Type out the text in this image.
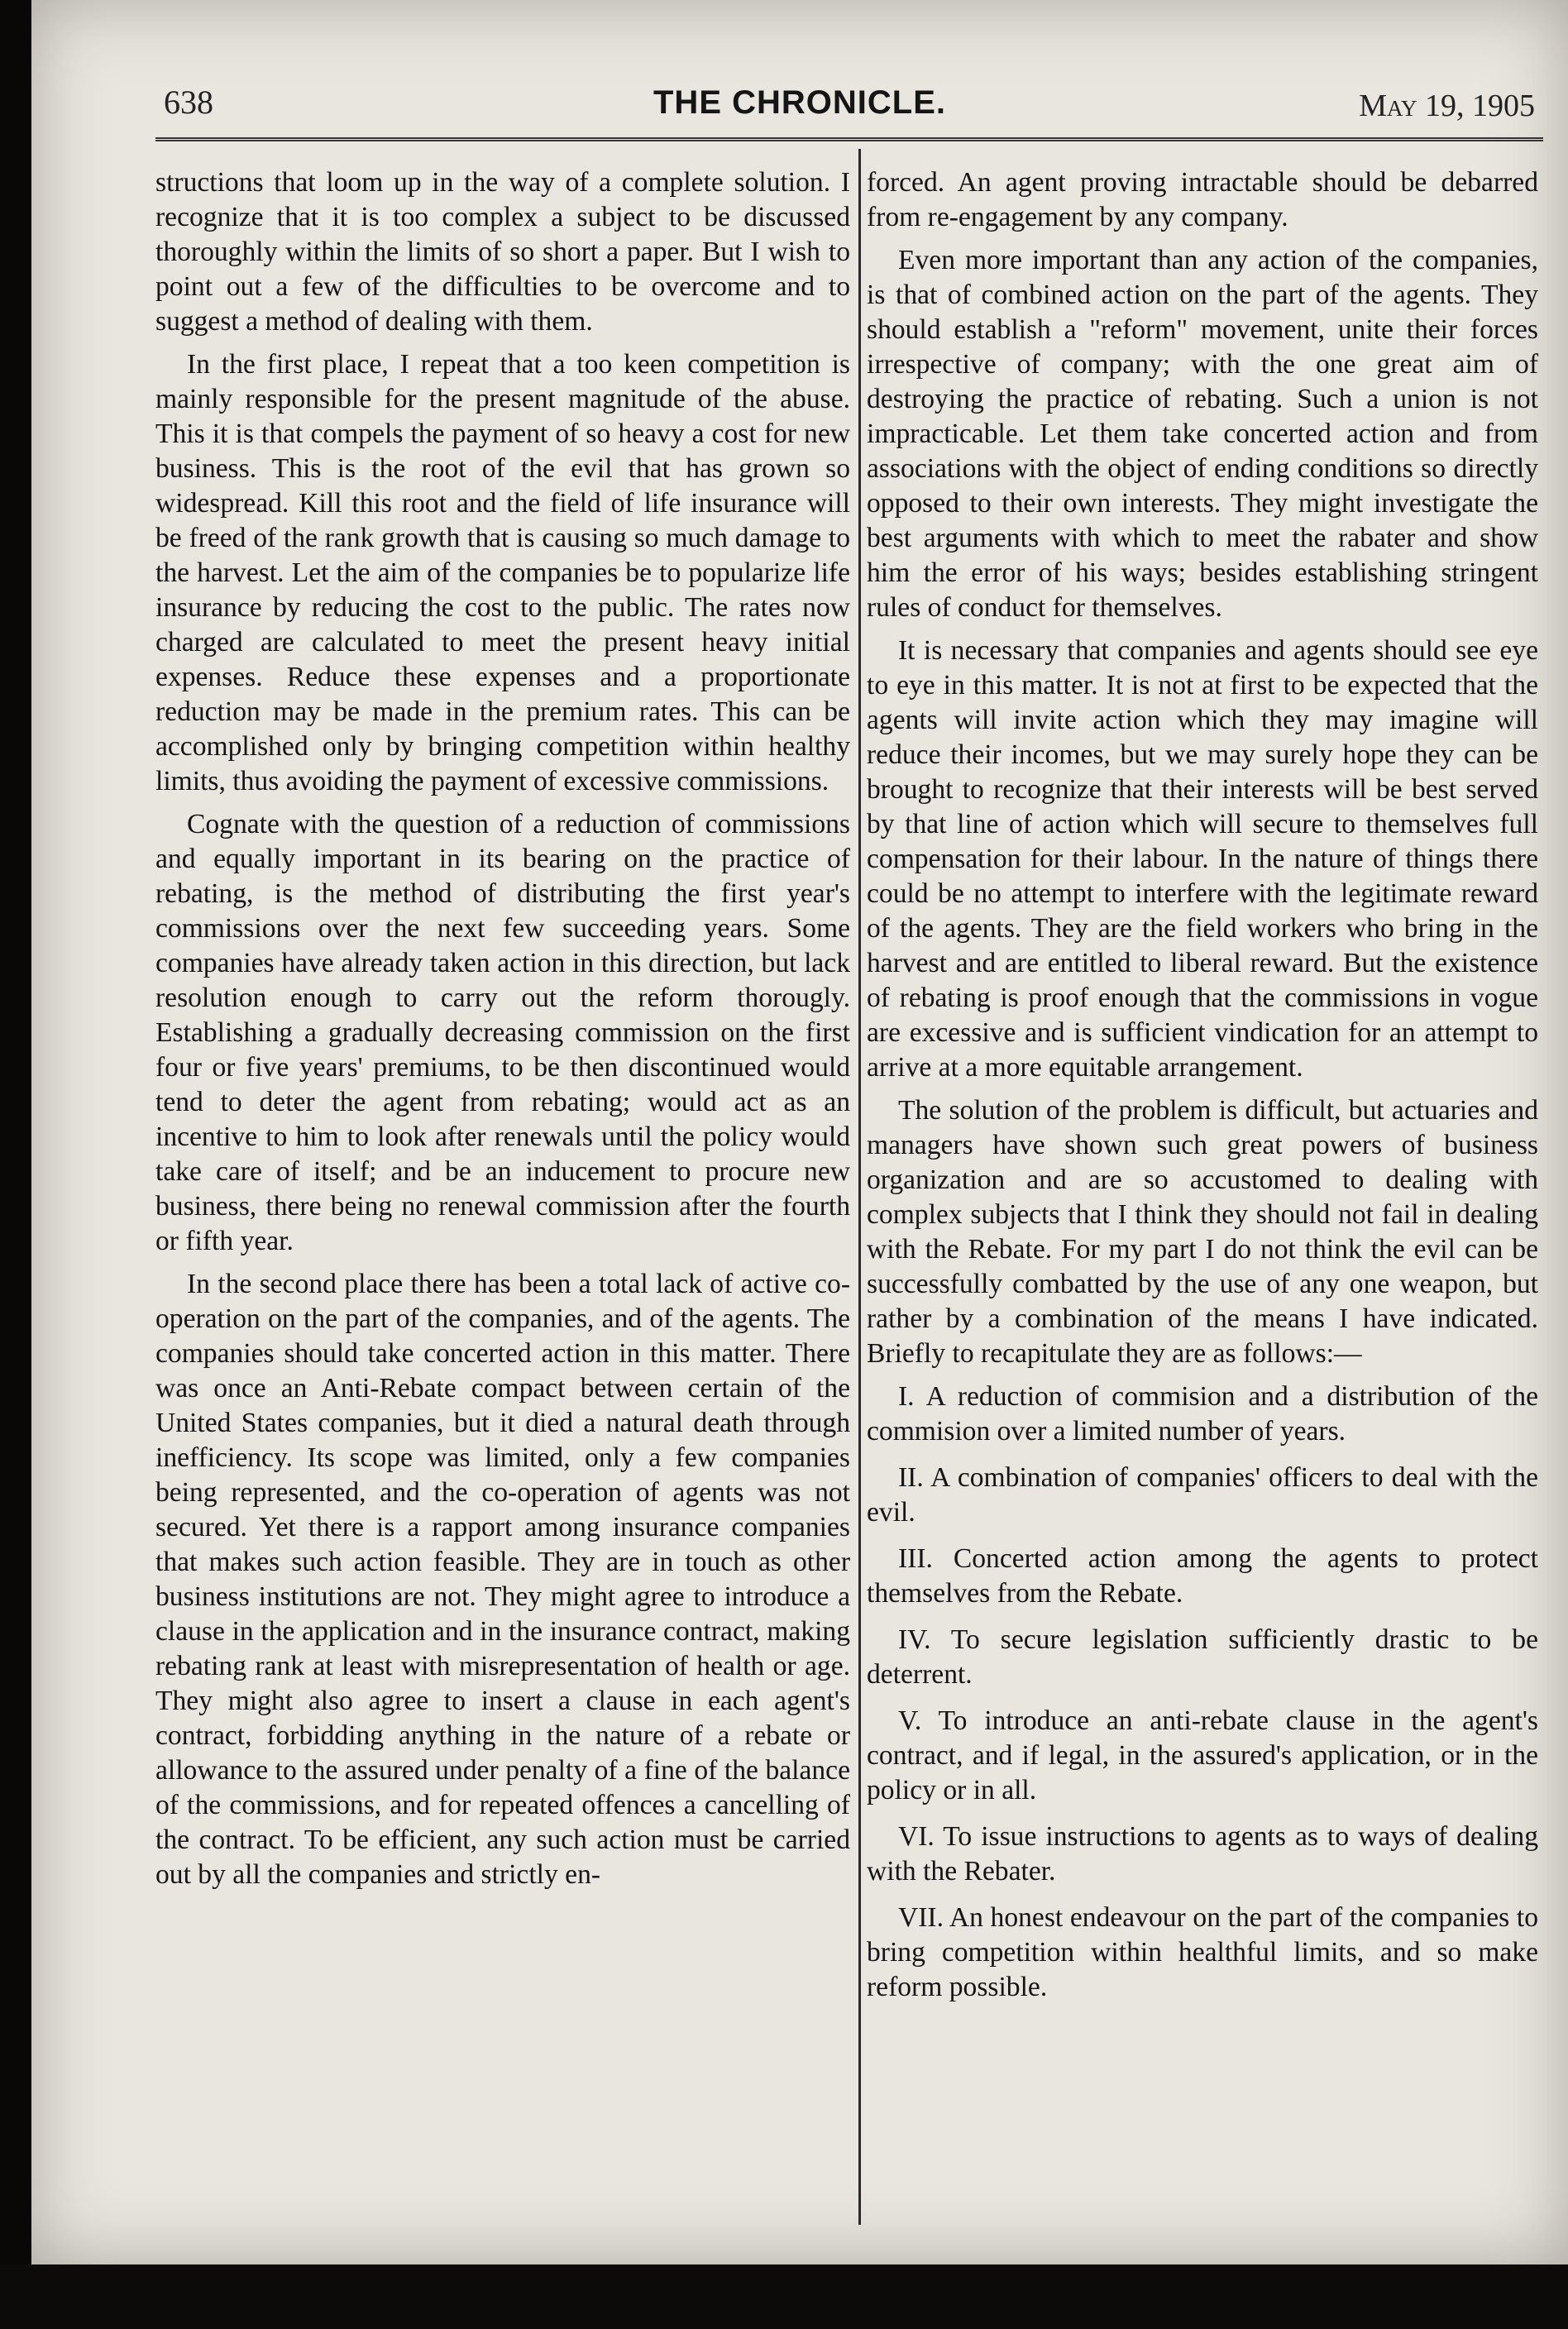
638	THE CHRONICLE.	May 19, 1905

structions that loom up in the way of a complete solution. I recognize that it is too complex a subject to be discussed thoroughly within the limits of so short a paper. But I wish to point out a few of the difficulties to be overcome and to suggest a method of dealing with them.

In the first place, I repeat that a too keen competition is mainly responsible for the present magnitude of the abuse. This it is that compels the payment of so heavy a cost for new business. This is the root of the evil that has grown so widespread. Kill this root and the field of life insurance will be freed of the rank growth that is causing so much damage to the harvest. Let the aim of the companies be to popularize life insurance by reducing the cost to the public. The rates now charged are calculated to meet the present heavy initial expenses. Reduce these expenses and a proportionate reduction may be made in the premium rates. This can be accomplished only by bringing competition within healthy limits, thus avoiding the payment of excessive commissions.

Cognate with the question of a reduction of commissions and equally important in its bearing on the practice of rebating, is the method of distributing the first year's commissions over the next few succeeding years. Some companies have already taken action in this direction, but lack resolution enough to carry out the reform thorougly. Establishing a gradually decreasing commission on the first four or five years' premiums, to be then discontinued would tend to deter the agent from rebating; would act as an incentive to him to look after renewals until the policy would take care of itself; and be an inducement to procure new business, there being no renewal commission after the fourth or fifth year.

In the second place there has been a total lack of active co-operation on the part of the companies, and of the agents. The companies should take concerted action in this matter. There was once an Anti-Rebate compact between certain of the United States companies, but it died a natural death through inefficiency. Its scope was limited, only a few companies being represented, and the co-operation of agents was not secured. Yet there is a rapport among insurance companies that makes such action feasible. They are in touch as other business institutions are not. They might agree to introduce a clause in the application and in the insurance contract, making rebating rank at least with misrepresentation of health or age. They might also agree to insert a clause in each agent's contract, forbidding anything in the nature of a rebate or allowance to the assured under penalty of a fine of the balance of the commissions, and for repeated offences a cancelling of the contract. To be efficient, any such action must be carried out by all the companies and strictly en-

forced. An agent proving intractable should be debarred from re-engagement by any company.

Even more important than any action of the companies, is that of combined action on the part of the agents. They should establish a "reform" movement, unite their forces irrespective of company; with the one great aim of destroying the practice of rebating. Such a union is not impracticable. Let them take concerted action and from associations with the object of ending conditions so directly opposed to their own interests. They might investigate the best arguments with which to meet the rabater and show him the error of his ways; besides establishing stringent rules of conduct for themselves.

It is necessary that companies and agents should see eye to eye in this matter. It is not at first to be expected that the agents will invite action which they may imagine will reduce their incomes, but we may surely hope they can be brought to recognize that their interests will be best served by that line of action which will secure to themselves full compensation for their labour. In the nature of things there could be no attempt to interfere with the legitimate reward of the agents. They are the field workers who bring in the harvest and are entitled to liberal reward. But the existence of rebating is proof enough that the commissions in vogue are excessive and is sufficient vindication for an attempt to arrive at a more equitable arrangement.

The solution of the problem is difficult, but actuaries and managers have shown such great powers of business organization and are so accustomed to dealing with complex subjects that I think they should not fail in dealing with the Rebate. For my part I do not think the evil can be successfully combatted by the use of any one weapon, but rather by a combination of the means I have indicated. Briefly to recapitulate they are as follows:—

I. A reduction of commision and a distribution of the commision over a limited number of years.

II. A combination of companies' officers to deal with the evil.

III. Concerted action among the agents to protect themselves from the Rebate.

IV. To secure legislation sufficiently drastic to be deterrent.

V. To introduce an anti-rebate clause in the agent's contract, and if legal, in the assured's application, or in the policy or in all.

VI. To issue instructions to agents as to ways of dealing with the Rebater.

VII. An honest endeavour on the part of the companies to bring competition within healthful limits, and so make reform possible.
